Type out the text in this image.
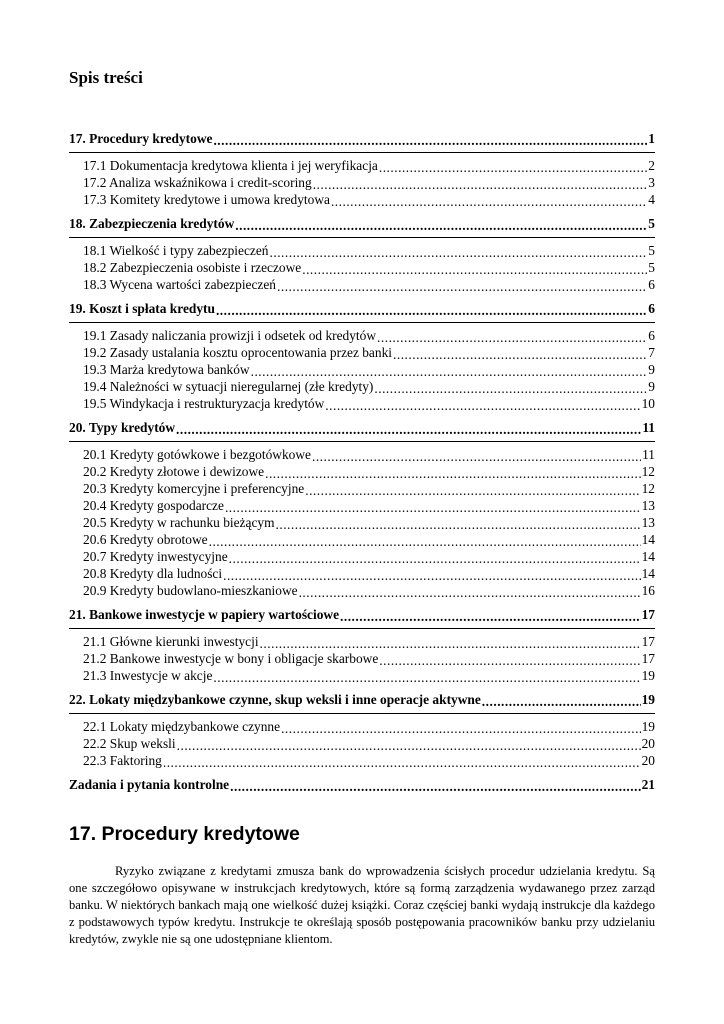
Spis treści
17. Procedury kredytowe .....	1
17.1 Dokumentacja kredytowa klienta i jej weryfikacja .....	2
17.2 Analiza wskaźnikowa i credit-scoring .....	3
17.3 Komitety kredytowe i umowa kredytowa .....	4
18. Zabezpieczenia kredytów .....	5
18.1 Wielkość i typy zabezpieczeń .....	5
18.2 Zabezpieczenia osobiste i rzeczowe .....	5
18.3 Wycena wartości zabezpieczeń .....	6
19. Koszt i spłata kredytu .....	6
19.1 Zasady naliczania prowizji i odsetek od kredytów .....	6
19.2 Zasady ustalania kosztu oprocentowania przez banki .....	7
19.3 Marża kredytowa banków .....	9
19.4 Należności w sytuacji nieregularnej (złe kredyty) .....	9
19.5 Windykacja i restrukturyzacja kredytów .....	10
20. Typy kredytów .....	11
20.1 Kredyty gotówkowe i bezgotówkowe .....	11
20.2 Kredyty złotowe i dewizowe .....	12
20.3 Kredyty komercyjne i preferencyjne .....	12
20.4 Kredyty gospodarcze .....	13
20.5 Kredyty w rachunku bieżącym .....	13
20.6 Kredyty obrotowe .....	14
20.7 Kredyty inwestycyjne .....	14
20.8 Kredyty dla ludności .....	14
20.9 Kredyty budowlano-mieszkaniowe .....	16
21. Bankowe inwestycje w papiery wartościowe .....	17
21.1 Główne kierunki inwestycji .....	17
21.2 Bankowe inwestycje w bony i obligacje skarbowe .....	17
21.3 Inwestycje w akcje .....	19
22. Lokaty międzybankowe czynne, skup weksli i inne operacje aktywne .....	19
22.1 Lokaty międzybankowe czynne .....	19
22.2 Skup weksli .....	20
22.3 Faktoring .....	20
Zadania i pytania kontrolne .....	21
17. Procedury kredytowe

Ryzyko związane z kredytami zmusza bank do wprowadzenia ścisłych procedur udzielania kredytu. Są one szczegółowo opisywane w instrukcjach kredytowych, które są formą zarządzenia wydawanego przez zarząd banku. W niektórych bankach mają one wielkość dużej książki. Coraz częściej banki wydają instrukcje dla każdego z podstawowych typów kredytu. Instrukcje te określają sposób postępowania pracowników banku przy udzielaniu kredytów, zwykle nie są one udostępniane klientom.
